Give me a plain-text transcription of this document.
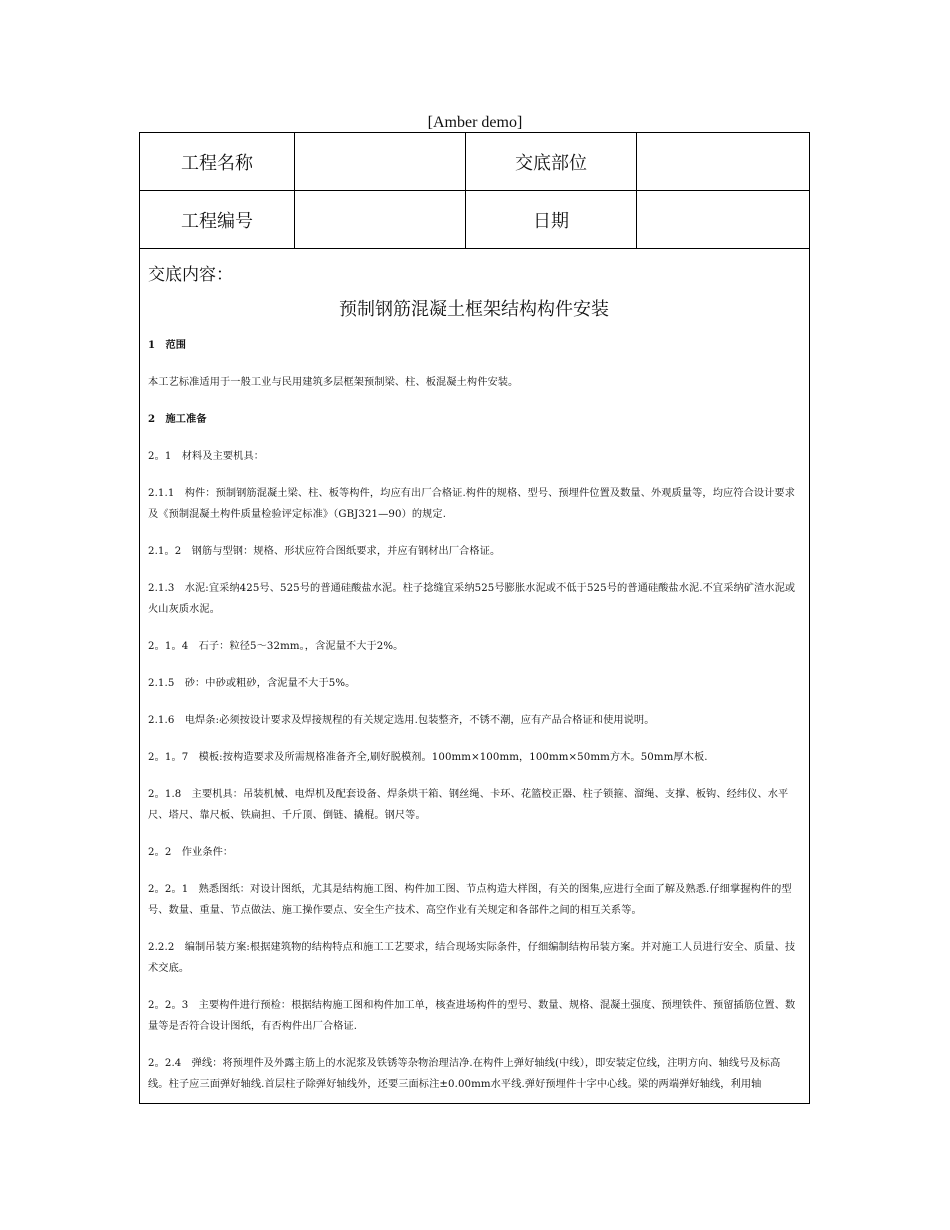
[Amber demo]
工程名称		交底部位	
工程编号		日期	
交底内容：
预制钢筋混凝土框架结构构件安装

1　范围

本工艺标准适用于一般工业与民用建筑多层框架预制梁、柱、板混凝土构件安装。

2　施工准备

2。1　材料及主要机具：

2.1.1　构件：预制钢筋混凝土梁、柱、板等构件，均应有出厂合格证.构件的规格、型号、预埋件位置及数量、外观质量等，均应符合设计要求及《预制混凝土构件质量检验评定标准》（GBJ321—90）的规定.

2.1。2　钢筋与型钢：规格、形状应符合图纸要求，并应有钢材出厂合格证。

2.1.3　水泥:宜采纳425号、525号的普通硅酸盐水泥。柱子捻缝宜采纳525号膨胀水泥或不低于525号的普通硅酸盐水泥.不宜采纳矿渣水泥或火山灰质水泥。

2。1。4　石子：粒径5～32mm。，含泥量不大于2%。

2.1.5　砂：中砂或粗砂，含泥量不大于5%。

2.1.6　电焊条:必须按设计要求及焊接规程的有关规定选用.包装整齐，不锈不潮，应有产品合格证和使用说明。

2。1。7　模板:按构造要求及所需规格准备齐全,刷好脱模剂。100mm×100mm，100mm×50mm方木。50mm厚木板.

2。1.8　主要机具：吊装机械、电焊机及配套设备、焊条烘干箱、钢丝绳、卡环、花篮校正器、柱子锁箍、溜绳、支撑、板钩、经纬仪、水平尺、塔尺、靠尺板、铁扁担、千斤顶、倒链、撬棍。钢尺等。

2。2　作业条件：

2。2。1　熟悉图纸：对设计图纸，尤其是结构施工图、构件加工图、节点构造大样图，有关的图集,应进行全面了解及熟悉.仔细掌握构件的型号、数量、重量、节点做法、施工操作要点、安全生产技术、高空作业有关规定和各部件之间的相互关系等。

2.2.2　编制吊装方案:根据建筑物的结构特点和施工工艺要求，结合现场实际条件，仔细编制结构吊装方案。并对施工人员进行安全、质量、技术交底。

2。2。3　主要构件进行预检：根据结构施工图和构件加工单，核查进场构件的型号、数量、规格、混凝土强度、预埋铁件、预留插筋位置、数量等是否符合设计图纸，有否构件出厂合格证.

2。2.4　弹线：将预埋件及外露主筋上的水泥浆及铁锈等杂物治理洁净.在构件上弹好轴线(中线），即安装定位线，注明方向、轴线号及标高线。柱子应三面弹好轴线.首层柱子除弹好轴线外，还要三面标注±0.00mm水平线.弹好预埋件十字中心线。梁的两端弹好轴线，利用轴
